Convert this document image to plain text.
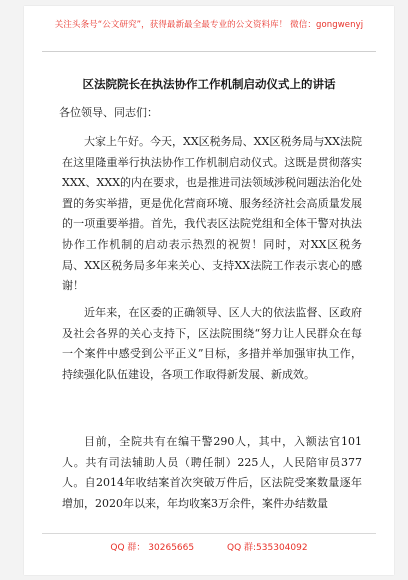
关注头条号“公文研究”，获得最新最全最专业的公文资料库！ 微信：gongwenyj
区法院院长在执法协作工作机制启动仪式上的讲话
各位领导、同志们：
大家上午好。今天，XX区税务局、XX区税务局与XX法院在这里隆重举行执法协作工作机制启动仪式。这既是贯彻落实XXX、XXX的内在要求，也是推进司法领域涉税问题法治化处置的务实举措，更是优化营商环境、服务经济社会高质量发展的一项重要举措。首先，我代表区法院党组和全体干警对执法协作工作机制的启动表示热烈的祝贺！同时，对XX区税务局、XX区税务局多年来关心、支持XX法院工作表示衷心的感谢！
近年来，在区委的正确领导、区人大的依法监督、区政府及社会各界的关心支持下，区法院围绕“努力让人民群众在每一个案件中感受到公平正义”目标，多措并举加强审执工作，持续强化队伍建设，各项工作取得新发展、新成效。
目前，全院共有在编干警290人，其中，入额法官101人。共有司法辅助人员（聘任制）225人，人民陪审员377人。自2014年收结案首次突破万件后，区法院受案数量逐年增加，2020年以来，年均收案3万余件，案件办结数量
QQ 群： 30265665	QQ 群:535304092
